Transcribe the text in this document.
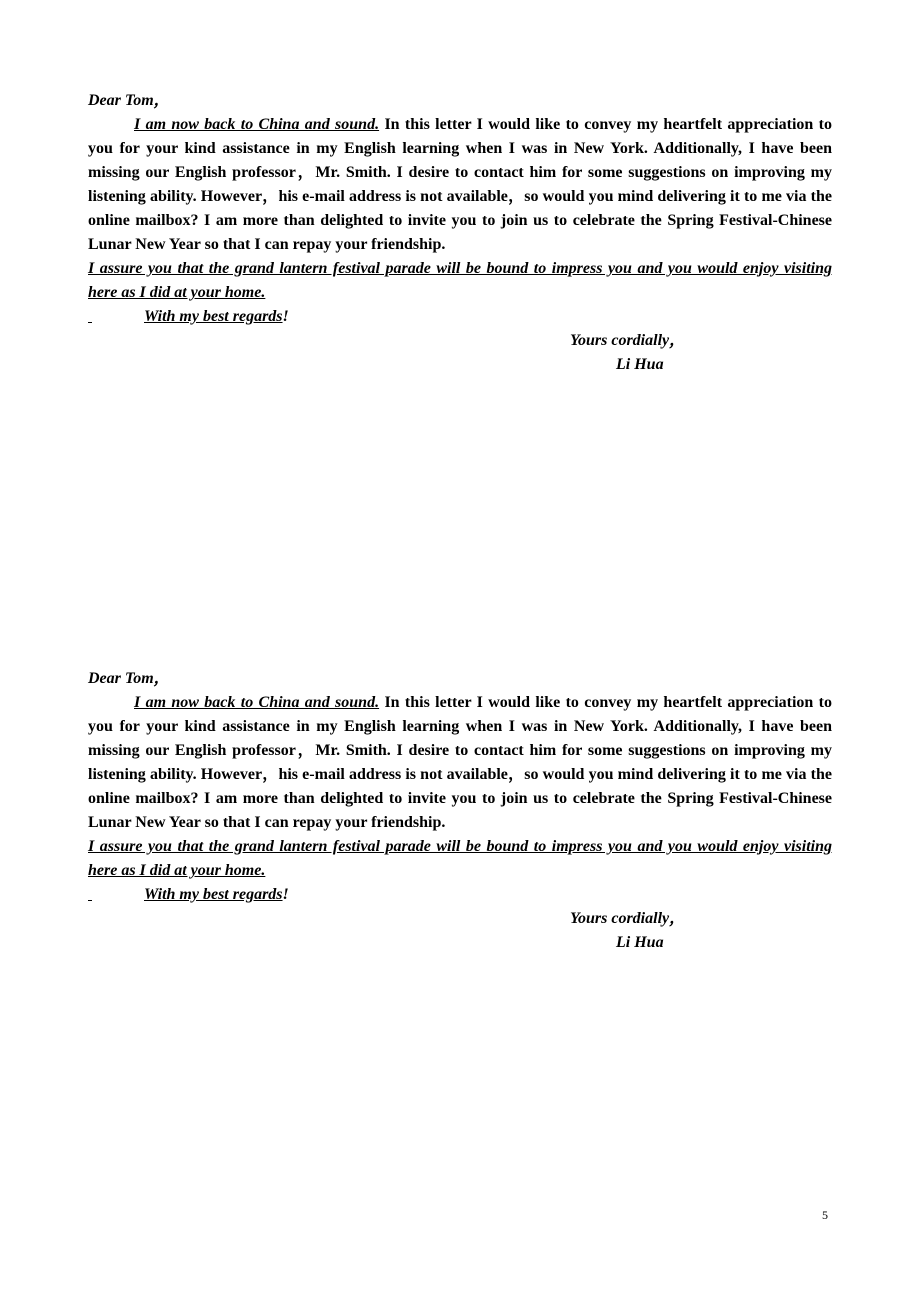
Dear Tom，

I am now back to China and sound. In this letter I would like to convey my heartfelt appreciation to you for your kind assistance in my English learning when I was in New York. Additionally, I have been missing our English professor，Mr. Smith. I desire to contact him for some suggestions on improving my listening ability. However，his e-mail address is not available，so would you mind delivering it to me via the online mailbox? I am more than delighted to invite you to join us to celebrate the Spring Festival-Chinese Lunar New Year so that I can repay your friendship.

I assure you that the grand lantern festival parade will be bound to impress you and you would enjoy visiting here as I did at your home.

With my best regards!

Yours cordially，

Li Hua

Dear Tom，

I am now back to China and sound. In this letter I would like to convey my heartfelt appreciation to you for your kind assistance in my English learning when I was in New York. Additionally, I have been missing our English professor，Mr. Smith. I desire to contact him for some suggestions on improving my listening ability. However，his e-mail address is not available，so would you mind delivering it to me via the online mailbox? I am more than delighted to invite you to join us to celebrate the Spring Festival-Chinese Lunar New Year so that I can repay your friendship.

I assure you that the grand lantern festival parade will be bound to impress you and you would enjoy visiting here as I did at your home.

With my best regards!

Yours cordially，

Li Hua

5
